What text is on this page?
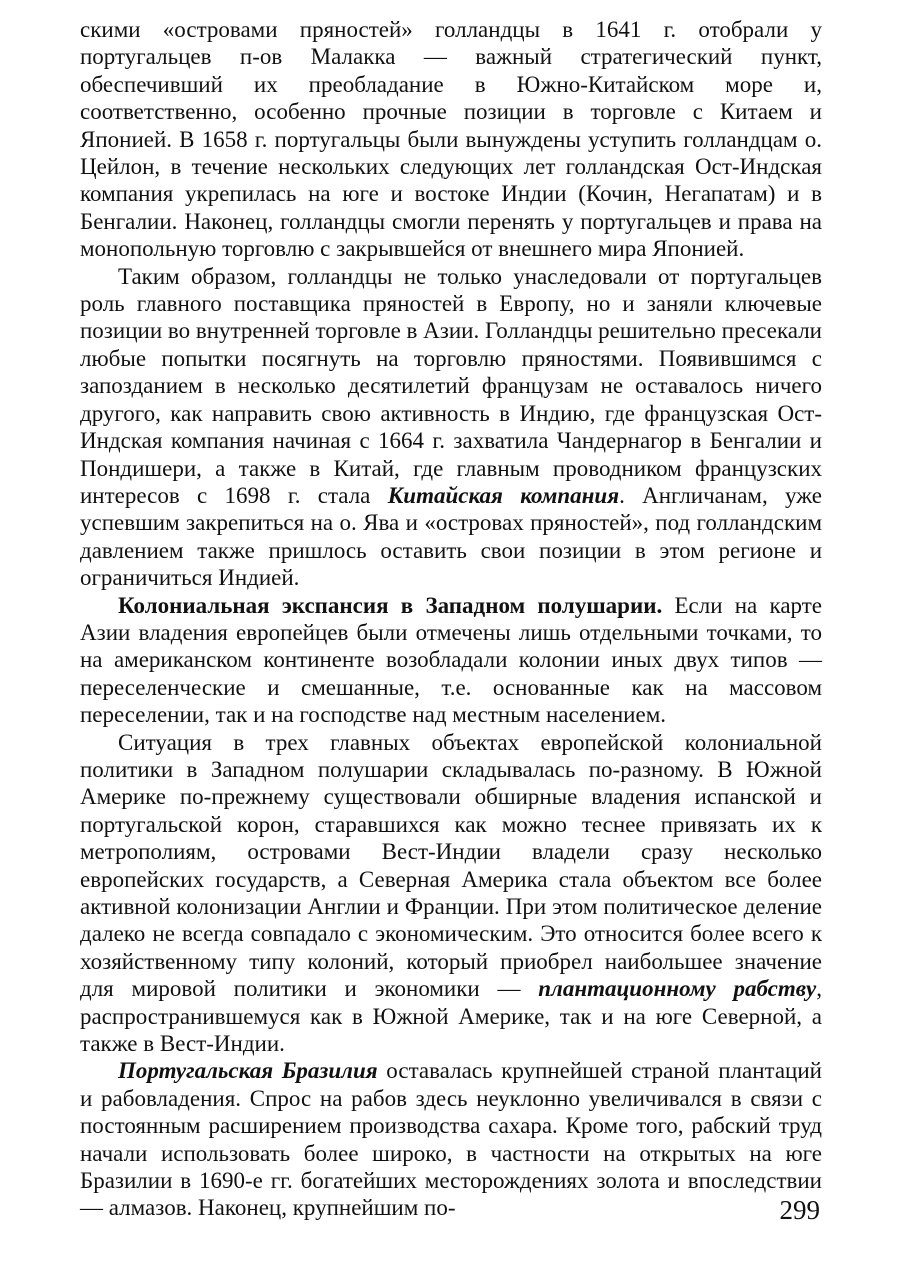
скими «островами пряностей» голландцы в 1641 г. отобрали у португальцев п-ов Малакка — важный стратегический пункт, обеспечивший их преобладание в Южно-Китайском море и, соответственно, особенно прочные позиции в торговле с Китаем и Японией. В 1658 г. португальцы были вынуждены уступить голландцам о. Цейлон, в течение нескольких следующих лет голландская Ост-Индская компания укрепилась на юге и востоке Индии (Кочин, Негапатам) и в Бенгалии. Наконец, голландцы смогли перенять у португальцев и права на монопольную торговлю с закрывшейся от внешнего мира Японией.

Таким образом, голландцы не только унаследовали от португальцев роль главного поставщика пряностей в Европу, но и заняли ключевые позиции во внутренней торговле в Азии. Голландцы решительно пресекали любые попытки посягнуть на торговлю пряностями. Появившимся с запозданием в несколько десятилетий французам не оставалось ничего другого, как направить свою активность в Индию, где французская Ост-Индская компания начиная с 1664 г. захватила Чандернагор в Бенгалии и Пондишери, а также в Китай, где главным проводником французских интересов с 1698 г. стала Китайская компания. Англичанам, уже успевшим закрепиться на о. Ява и «островах пряностей», под голландским давлением также пришлось оставить свои позиции в этом регионе и ограничиться Индией.

Колониальная экспансия в Западном полушарии. Если на карте Азии владения европейцев были отмечены лишь отдельными точками, то на американском континенте возобладали колонии иных двух типов — переселенческие и смешанные, т.е. основанные как на массовом переселении, так и на господстве над местным населением.

Ситуация в трех главных объектах европейской колониальной политики в Западном полушарии складывалась по-разному. В Южной Америке по-прежнему существовали обширные владения испанской и португальской корон, старавшихся как можно теснее привязать их к метрополиям, островами Вест-Индии владели сразу несколько европейских государств, а Северная Америка стала объектом все более активной колонизации Англии и Франции. При этом политическое деление далеко не всегда совпадало с экономическим. Это относится более всего к хозяйственному типу колоний, который приобрел наибольшее значение для мировой политики и экономики — плантационному рабству, распространившемуся как в Южной Америке, так и на юге Северной, а также в Вест-Индии.

Португальская Бразилия оставалась крупнейшей страной плантаций и рабовладения. Спрос на рабов здесь неуклонно увеличивался в связи с постоянным расширением производства сахара. Кроме того, рабский труд начали использовать более широко, в частности на открытых на юге Бразилии в 1690-е гг. богатейших месторождениях золота и впоследствии — алмазов. Наконец, крупнейшим по-	299
